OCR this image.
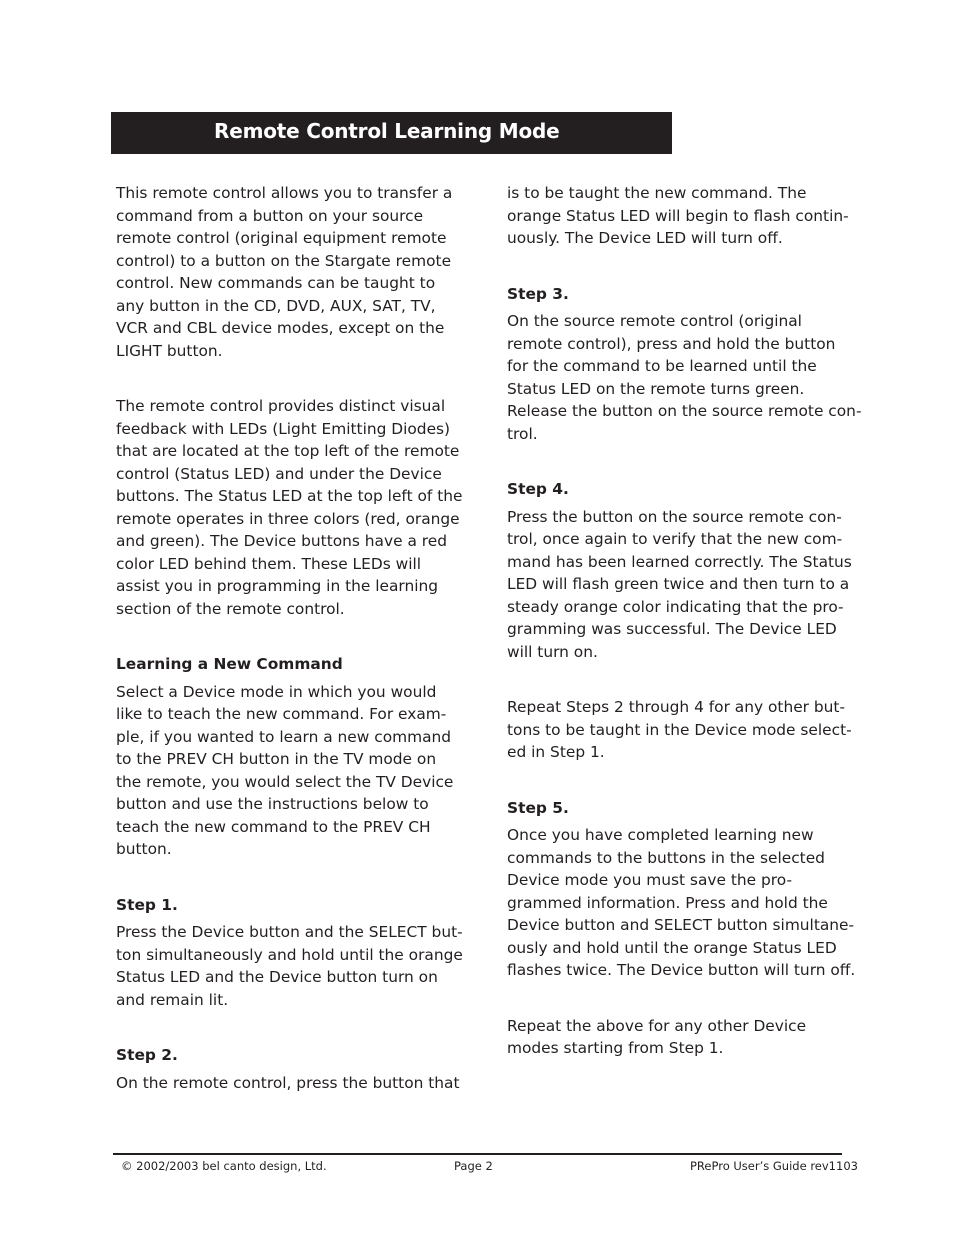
Remote Control Learning Mode

This remote control allows you to transfer a
command from a button on your source
remote control (original equipment remote
control) to a button on the Stargate remote
control. New commands can be taught to
any button in the CD, DVD, AUX, SAT, TV,
VCR and CBL device modes, except on the
LIGHT button.

The remote control provides distinct visual
feedback with LEDs (Light Emitting Diodes)
that are located at the top left of the remote
control (Status LED) and under the Device
buttons. The Status LED at the top left of the
remote operates in three colors (red, orange
and green). The Device buttons have a red
color LED behind them. These LEDs will
assist you in programming in the learning
section of the remote control.

Learning a New Command

Select a Device mode in which you would
like to teach the new command. For exam-
ple, if you wanted to learn a new command
to the PREV CH button in the TV mode on
the remote, you would select the TV Device
button and use the instructions below to
teach the new command to the PREV CH
button.

Step 1.

Press the Device button and the SELECT but-
ton simultaneously and hold until the orange
Status LED and the Device button turn on
and remain lit.

Step 2.

On the remote control, press the button that

is to be taught the new command. The
orange Status LED will begin to flash contin-
uously. The Device LED will turn off.

Step 3.

On the source remote control (original
remote control), press and hold the button
for the command to be learned until the
Status LED on the remote turns green.
Release the button on the source remote con-
trol.

Step 4.

Press the button on the source remote con-
trol, once again to verify that the new com-
mand has been learned correctly. The Status
LED will flash green twice and then turn to a
steady orange color indicating that the pro-
gramming was successful. The Device LED
will turn on.

Repeat Steps 2 through 4 for any other but-
tons to be taught in the Device mode select-
ed in Step 1.

Step 5.

Once you have completed learning new
commands to the buttons in the selected
Device mode you must save the pro-
grammed information. Press and hold the
Device button and SELECT button simultane-
ously and hold until the orange Status LED
flashes twice. The Device button will turn off.

Repeat the above for any other Device
modes starting from Step 1.

© 2002/2003 bel canto design, Ltd.	Page 2	PRePro User’s Guide rev1103
